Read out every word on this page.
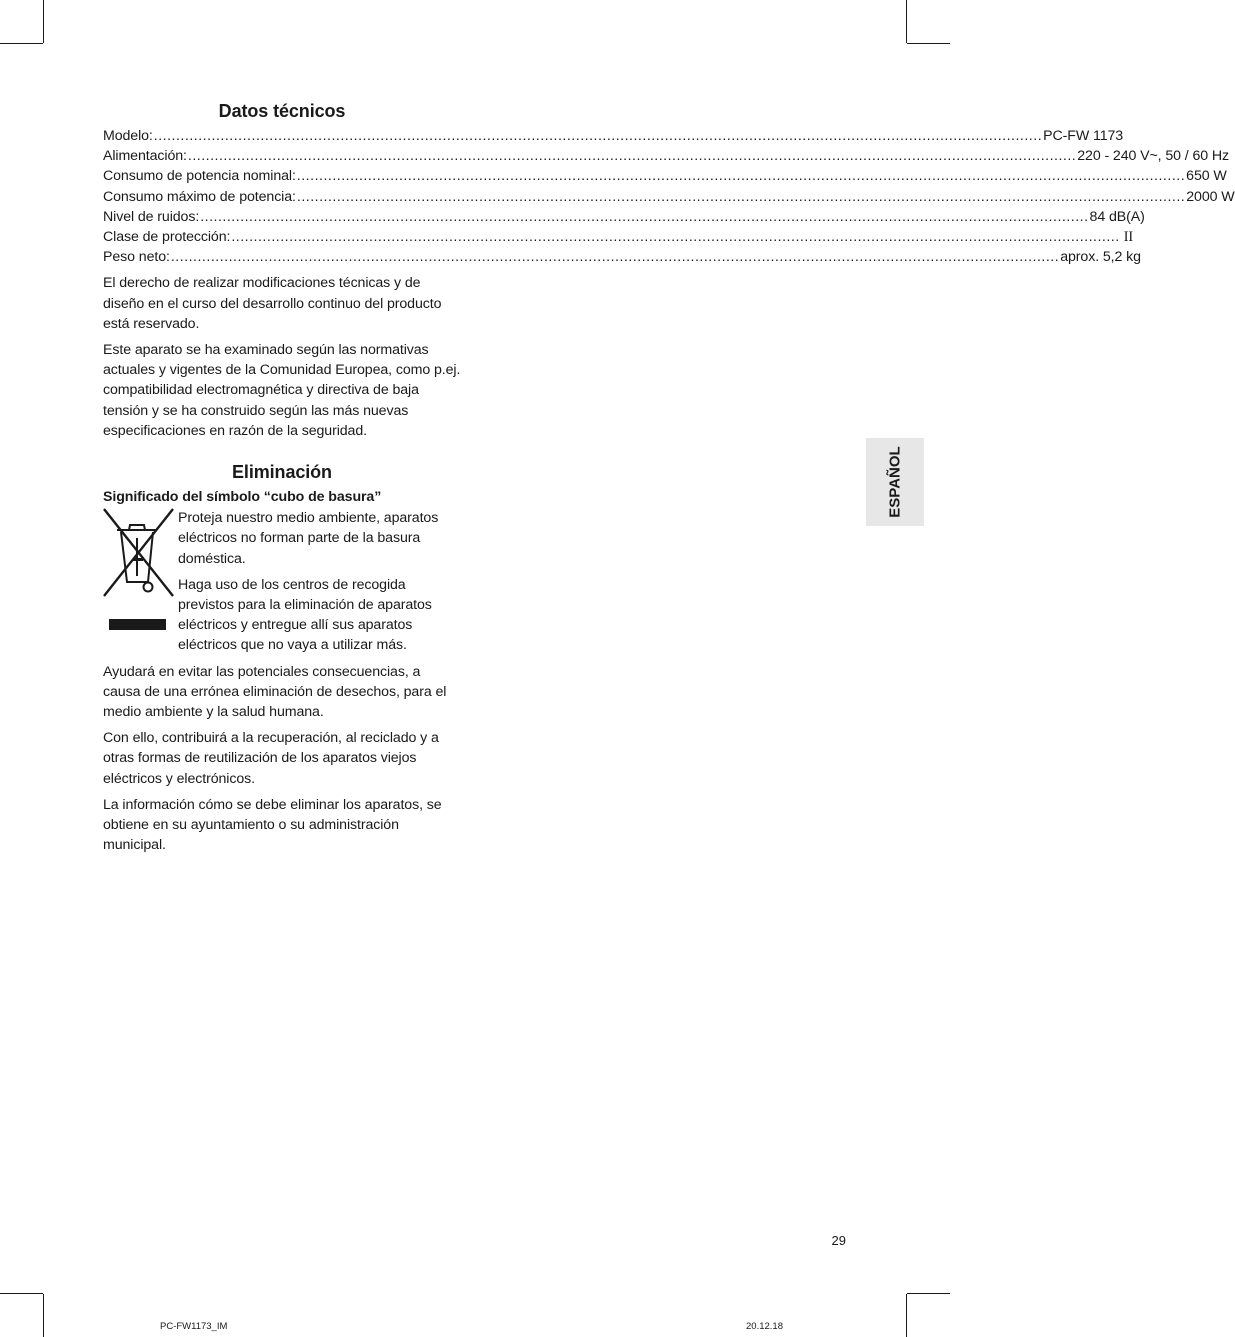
Datos técnicos
Modelo: ........................................................................................................................................................................................................ PC-FW 1173
Alimentación: ........................................................................................................................................................................................................ 220 - 240 V~, 50 / 60 Hz
Consumo de potencia nominal: ........................................................................................................................................................................................................ 650 W
Consumo máximo de potencia: ........................................................................................................................................................................................................ 2000 W
Nivel de ruidos: ........................................................................................................................................................................................................ 84 dB(A)
Clase de protección: ........................................................................................................................................................................................................ II
Peso neto: ........................................................................................................................................................................................................ aprox. 5,2 kg

El derecho de realizar modificaciones técnicas y de diseño en el curso del desarrollo continuo del producto está reservado.

Este aparato se ha examinado según las normativas actuales y vigentes de la Comunidad Europea, como p.ej. compatibilidad electromagnética y directiva de baja tensión y se ha construido según las más nuevas especificaciones en razón de la seguridad.

Eliminación

Significado del símbolo “cubo de basura”

Proteja nuestro medio ambiente, aparatos eléctricos no forman parte de la basura doméstica.

Haga uso de los centros de recogida previstos para la eliminación de aparatos eléctricos y entregue allí sus aparatos eléctricos que no vaya a utilizar más.

Ayudará en evitar las potenciales consecuencias, a causa de una errónea eliminación de desechos, para el medio ambiente y la salud humana.

Con ello, contribuirá a la recuperación, al reciclado y a otras formas de reutilización de los aparatos viejos eléctricos y electrónicos.

La información cómo se debe eliminar los aparatos, se obtiene en su ayuntamiento o su administración municipal.

ESPAÑOL
29
PC-FW1173_IM	20.12.18
